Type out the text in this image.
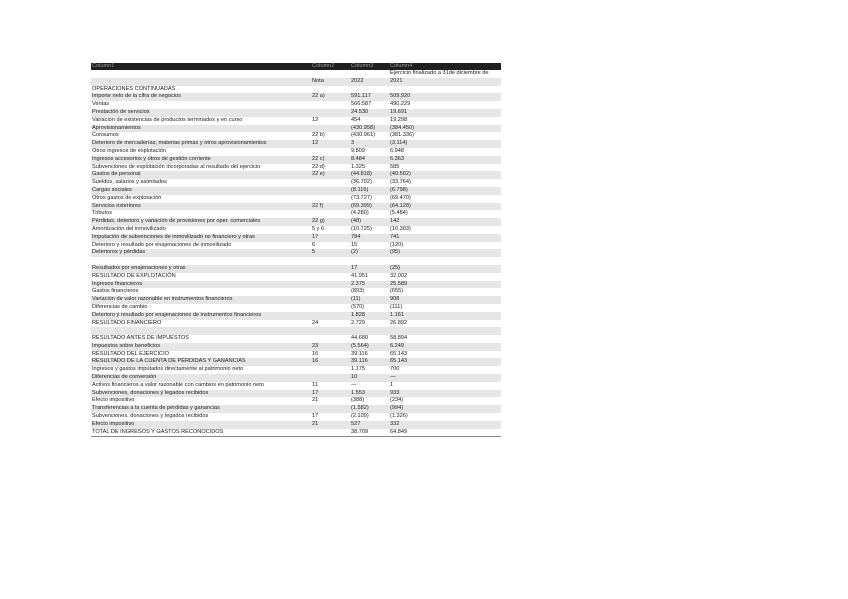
Column1	Column2	Column3	Column4
			Ejercicio finalizado a 31de diciembre de
	Nota	2022	2021
OPERACIONES CONTINUADAS			
Importe neto de la cifra de negocios	22 a)	591.117	509.920
Ventas		566.587	490.229
Prestación de servicios		24.530	19.691
Variación de existencias de productos terminados y en curso	12	454	19.298
Aprovisionamientos		(430.958)	(384.450)
Consumos	22 b)	(430.961)	(381.336)
Deterioro de mercaderías, materias primas y otros aprovisionamientos	12	3	(3.114)
Otros ingresos de explotación		9.809	6.948
Ingresos accesorios y otros de gestión corriente	22 c)	8.484	6.363
Subvenciones de explotación incorporadas al resultado del ejercicio	22 d)	1.325	585
Gastos de personal	22 e)	(44.818)	(40.562)
Sueldos, salarios y asimilados		(36.702)	(33.764)
Cargas sociales		(8.116)	(6.798)
Otros gastos de explotación		(73.727)	(69.470)
Servicios exteriores	22 f)	(69.399)	(64.128)
Tributos		(4.280)	(5.484)
Pérdidas, deterioro y variación de provisiones por oper. comerciales	22 g)	(48)	142
Amortización del inmovilizado	5 y 6	(10.725)	(10.303)
Imputación de subvenciones de inmovilizado no financiero y otras	17	784	741
Deterioro y resultado por enajenaciones de inmovilizado	6	15	(120)
Deterioros y pérdidas	5	(2)	(95)

Resultados por enajenaciones y otras		17	(25)
RESULTADO DE EXPLOTACIÓN		41.951	32.002
Ingresos financieros		2.375	25.589
Gastos financieros		(893)	(655)
Variación de valor razonable en instrumentos financieros		(11)	908
Diferencias de cambio		(570)	(111)
Deterioro y resultado por enajenaciones de instrumentos financieros		1.828	1.161
RESULTADO FINANCIERO	24	2.729	26.892

RESULTADO ANTES DE IMPUESTOS		44.680	58.894
Impuestos sobre beneficios	23	(5.564)	6.249
RESULTADO DEL EJERCICIO	16	39.116	65.143
RESULTADO DE LA CUENTA DE PÉRDIDAS Y GANANCIAS	16	39.116	65.143
Ingresos y gastos imputados directamente al patrimonio neto		1.175	700
Diferencias de conversión		10	—
Activos financieros a valor razonable con cambios en patrimonio neto	11	—	1
Subvenciones, donaciones y legados recibidos	17	1.553	933
Efecto impositivo	21	(388)	(234)
Transferencias a la cuenta de pérdidas y ganancias		(1.582)	(994)
Subvenciones, donaciones y legados recibidos	17	(2.109)	(1.326)
Efecto impositivo	21	527	332
TOTAL DE INGRESOS Y GASTOS RECONOCIDOS		38.709	64.849
